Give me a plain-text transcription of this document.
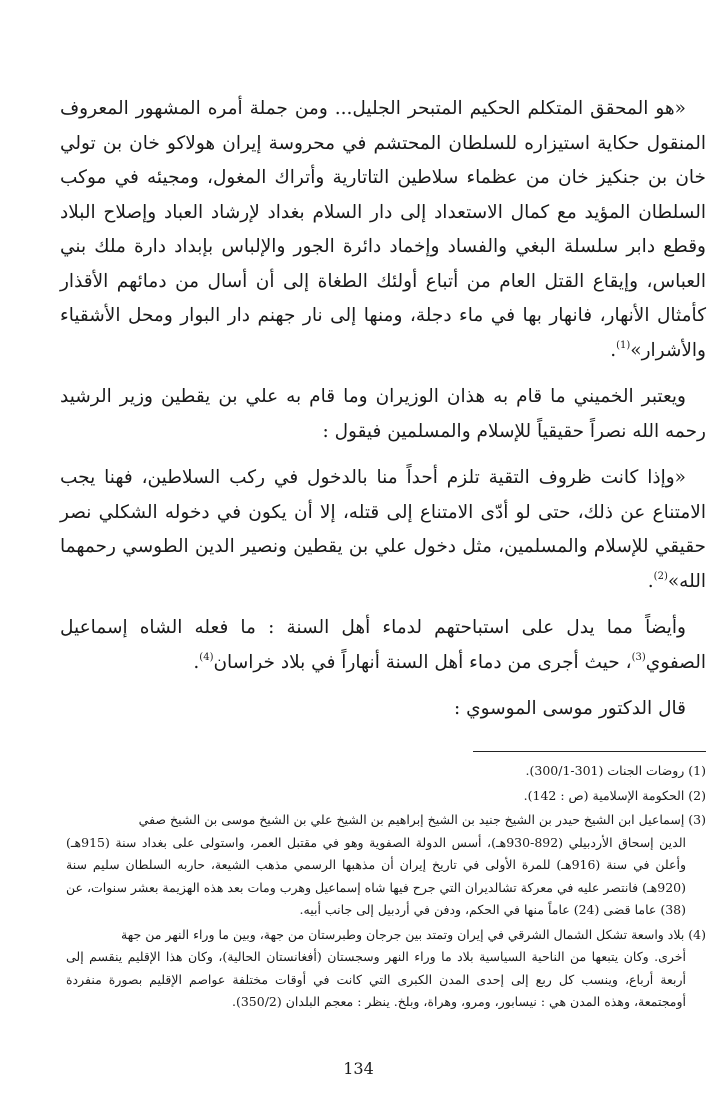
«هو المحقق المتكلم الحكيم المتبحر الجليل... ومن جملة أمره المشهور المعروف المنقول حكاية استيزاره للسلطان المحتشم في محروسة إيران هولاكو خان بن تولي خان بن جنكيز خان من عظماء سلاطين التاتارية وأتراك المغول، ومجيئه في موكب السلطان المؤيد مع كمال الاستعداد إلى دار السلام بغداد لإرشاد العباد وإصلاح البلاد وقطع دابر سلسلة البغي والفساد وإخماد دائرة الجور والإلباس بإبداد دارة ملك بني العباس، وإيقاع القتل العام من أتباع أولئك الطغاة إلى أن أسال من دمائهم الأقذار كأمثال الأنهار، فانهار بها في ماء دجلة، ومنها إلى نار جهنم دار البوار ومحل الأشقياء والأشرار»$^{(1)}$.

ويعتبر الخميني ما قام به هذان الوزيران وما قام به علي بن يقطين وزير الرشيد رحمه الله نصراً حقيقياً للإسلام والمسلمين فيقول :

«وإذا كانت ظروف التقية تلزم أحداً منا بالدخول في ركب السلاطين، فهنا يجب الامتناع عن ذلك، حتى لو أدّى الامتناع إلى قتله، إلا أن يكون في دخوله الشكلي نصر حقيقي للإسلام والمسلمين، مثل دخول علي بن يقطين ونصير الدين الطوسي رحمهما الله»$^{(2)}$.

وأيضاً مما يدل على استباحتهم لدماء أهل السنة : ما فعله الشاه إسماعيل الصفوي$^{(3)}$، حيث أجرى من دماء أهل السنة أنهاراً في بلاد خراسان$^{(4)}$.

قال الدكتور موسى الموسوي :

(1) روضات الجنات (301-300/1).
(2) الحكومة الإسلامية (ص : 142).
(3) إسماعيل ابن الشيخ حيدر بن الشيخ جنيد بن الشيخ إبراهيم بن الشيخ علي بن الشيخ موسى بن الشيخ صفي
الدين إسحاق الأردبيلي (892-930هـ)، أسس الدولة الصفوية وهو في مقتبل العمر، واستولى على بغداد سنة (915هـ) وأعلن في سنة (916هـ) للمرة الأولى في تاريخ إيران أن مذهبها الرسمي مذهب الشيعة، حاربه السلطان سليم سنة (920هـ) فانتصر عليه في معركة تشالديران التي جرح فيها شاه إسماعيل وهرب ومات بعد هذه الهزيمة بعشر سنوات، عن (38) عاما قضى (24) عاماً منها في الحكم، ودفن في أردبيل إلى جانب أبيه.
(4) بلاد واسعة تشكل الشمال الشرقي في إيران وتمتد بين جرجان وطبرستان من جهة، وبين ما وراء النهر من جهة
أخرى. وكان يتبعها من الناحية السياسية بلاد ما وراء النهر وسجستان (أفغانستان الحالية)، وكان هذا الإقليم ينقسم إلى أربعة أرباع، وينسب كل ربع إلى إحدى المدن الكبرى التي كانت في أوقات مختلفة عواصم الإقليم بصورة منفردة أومجتمعة، وهذه المدن هي : نيسابور، ومرو، وهراة، وبلخ. ينظر : معجم البلدان (350/2).
134
